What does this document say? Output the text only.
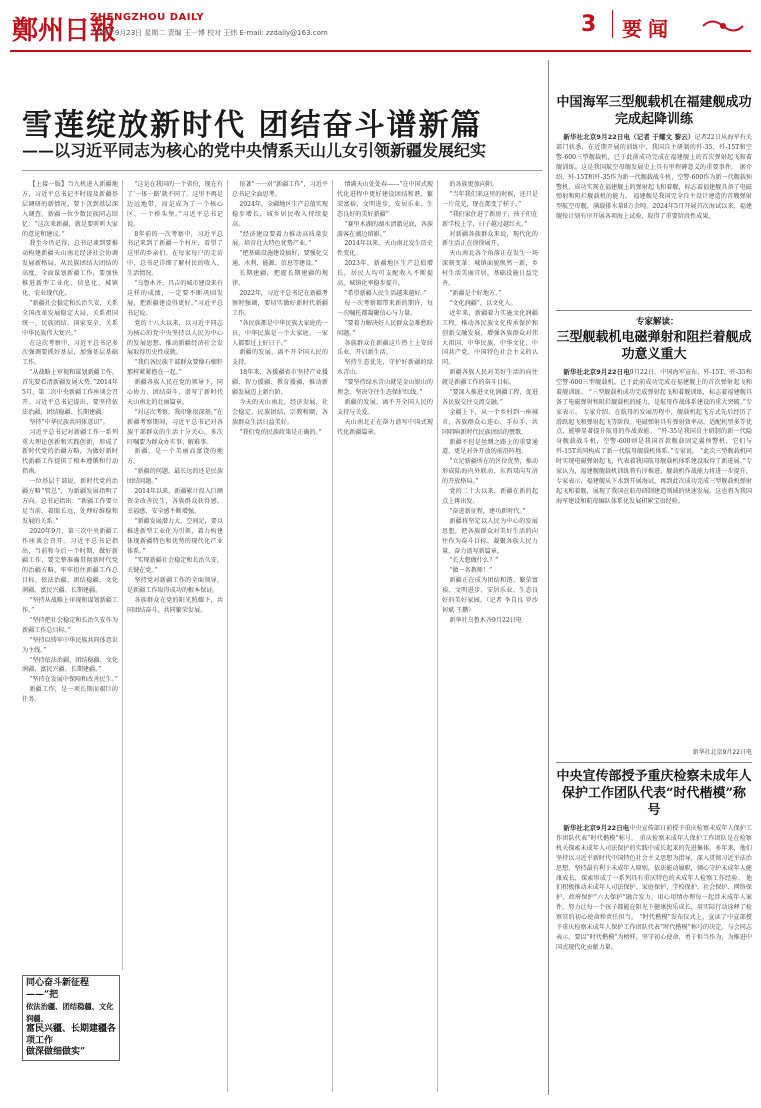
鄭州日報
ZHENGZHOU DAILY
2025年9月23日 星期二 责编 王一博 校对 王炜 E-mail: zzdaily@163.com	3 要闻
雪莲绽放新时代 团结奋斗谱新篇
——以习近平同志为核心的党中央情系天山儿女引领新疆发展纪实

【上接一版】当九机进入新疆地方，习近平总书记不时提及新疆基层调研的新情况，要下沉到基层深入调查。新疆一位少数民族同志回忆：“这次来新疆，就是要听听大家的意见和建议。”

我至今仍记得，总书记谈到要推动构建新疆天山南北经济社会协调发展新格局，从民族团结大团结的高度，全面谋划新疆工作，要加快推进新型工业化、信息化、城镇化、农业现代化。

“新疆社会稳定和长治久安，关系全国改革发展稳定大局，关系祖国统一，民族团结，国家安全，关系中华民族伟大复兴。”

在这次考察中，习近平总书记多次强调要抓好基层，加强基层基础工作。

“从战略上审视和谋划新疆工作，首先要看清新疆发展大势。”2014年5月，第二次中央新疆工作座谈会召开。习近平总书记提出，要坚持依法治疆、团结稳疆、长期建疆。

坚持“中华民族共同体意识”。

习近平总书记对新疆工作一系列重大理论创新和实践创新，形成了新时代党的治疆方略，为做好新时代新疆工作提供了根本遵循和行动指南。

一位基层干部说，新时代党的治疆方略“管总”，为新疆发展指明了方向。总书记指出：“新疆工作要立足当前、着眼长远，处理好维稳和发展的关系。”

2020年9月，第三次中央新疆工作座谈会召开。习近平总书记指出，当前和今后一个时期，做好新疆工作，要完整准确贯彻新时代党的治疆方略，牢牢扭住新疆工作总目标，依法治疆、团结稳疆、文化润疆、富民兴疆、长期建疆。

“坚持从战略上审视和谋划新疆工作。”

“坚持把社会稳定和长治久安作为新疆工作总目标。”

“坚持以铸牢中华民族共同体意识为主线。”

“坚持依法治疆、团结稳疆、文化润疆、富民兴疆、长期建疆。”

“坚持在发展中保障和改善民生。”

新疆工作，是一项长期而艰巨的任务。

同心奋斗新征程——“把
依法治疆、团结稳疆、文化润疆、
富民兴疆、长期建疆各项工作
做深做细做实”

“这是在我国的一个省份，现在有了‘一体一路’就不同了。这里不再是边远地带，而是成为了一个核心区、一个桥头堡。”习近平总书记说。

8年前的一次考察中，习近平总书记来到了新疆一个村庄，看望了这里的乡亲们。在每家每户的走访中，总书记详细了解村民的收入、生活情况。

“乌鲁木齐、昌吉的城市建设来有这样的成绩，一定要不断巩固发展，把新疆建设得更好。”习近平总书记说。

党的十八大以来，以习近平同志为核心的党中央坚持以人民为中心的发展思想，推动新疆经济社会发展取得历史性成就。

“我们各民族干部群众要像石榴籽那样紧紧抱在一起。”

新疆各族人民在党的领导下，同心协力，团结奋斗，谱写了新时代天山南北的壮丽篇章。

“对这次考察，我印象很深刻。”在新疆考察期间，习近平总书记对各族干部群众的生活十分关心，多次叮嘱要为群众办实事、解难事。

新疆，是一个美丽而富饶的地方。

“新疆的问题，最长远的还是民族团结问题。”

2014年以来，新疆累计投入巨额资金改善民生，各族群众获得感、幸福感、安全感不断增强。

“新疆发展潜力大、空间足，要以推进新型工业化为引领，着力构建体现新疆特色和优势的现代化产业体系。”

“实现新疆社会稳定和长治久安，关键在党。”

坚持党对新疆工作的全面领导，是新疆工作取得成功的根本保证。

各族群众在党的阳光照耀下，共同团结奋斗、共同繁荣发展。

依著”一一对“新疆工作”，习近平总书记全面思考。

2024年，全疆地区生产总值实现稳步增长，城乡居民收入持续提高。

“经济建设要着力推动高质量发展，培育壮大特色优势产业。”

“把基础设施建设搞好，要强化交通、水利、能源、信息等建设。”

长期建疆，把握长期建疆的规律。

2022年，习近平总书记在新疆考察时强调，要切实做好新时代新疆工作。

“各民族都是中华民族大家庭的一员，中华民族是一个大家庭，一家人都要过上好日子。”

新疆的发展，离不开全国人民的支持。

18年来，各援疆省市坚持产业援疆、智力援疆、教育援疆，推动新疆发展迈上新台阶。

今天的天山南北，经济发展、社会稳定、民族团结、宗教和顺，各族群众生活日益美好。

“我们党的民族政策是正确的。”

情满天山处处春——“在中国式现代化进程中更好建设团结和谐、繁荣富裕、文明进步、安居乐业、生态良好的美好新疆”

“赛里木湖的湖水清澈见底，各族游客在湖边留影。”

2014年以来，天山南北发生历史性变化。

2023年，新疆地区生产总值增长，居民人均可支配收入不断提高，城镇化率稳步提升。

“希望新疆人民生活越来越好。”

每一次考察都带来新的期许，每一次嘱托都凝聚信心与力量。

“要着力解决好人民群众急难愁盼问题。”

各族群众在新疆这片热土上安居乐业，开启新生活。

坚持生态优先，守护好新疆的绿水青山。

“要坚持绿水青山就是金山银山的理念，坚决守住生态保护红线。”

新疆的发展，离不开全国人民的支持与关爱。

天山南北正在奋力谱写中国式现代化新疆篇章。

的各族更加向阳。

“当年我们来这里的时候，还只是一片荒芜，现在都变了样子。”

“我们家住进了新房子，孩子们在新学校上学，日子越过越红火。”

对新疆各族群众来说，现代化的新生活正在徐徐展开。

天山南北各个角落正在发生一场深刻变革：城镇面貌焕然一新，乡村生活美丽宜居，基础设施日益完善。

“新疆是个好地方。”

“文化润疆”，以文化人。

近年来，新疆着力实施文化润疆工程，推动各民族文化传承保护和创新交融发展，增强各族群众对伟大祖国、中华民族、中华文化、中国共产党、中国特色社会主义的认同。

新疆各族人民对美好生活的向往就是新疆工作的奋斗目标。

“要深入推进文化润疆工程，促进各民族交往交流交融。”

全疆上下，从一个乡村到一座城市，各族群众心连心、手拉手，共同唱响新时代民族团结的赞歌。

新疆不但是丝绸之路上的重要通道，更是对外开放的前沿阵地。

“立足新疆所在的区位优势，推动形成陆海内外联动、东西双向互济的开放格局。”

党的二十大以来，新疆在新的起点上再出发。

“奋进新征程，建功新时代。”

新疆将坚定以人民为中心的发展思想，把各族群众对美好生活的向往作为奋斗目标，凝聚各族人民力量，奋力谱写新篇章。

“长大想做什么？”

“做一名教师！”

新疆正在成为团结和谐、繁荣富裕、文明进步、安居乐业、生态良好的美好家园。（记者 李自良 罗沙 何斌 王鹏）

新华社乌鲁木齐9月22日电

中国海军三型舰载机在福建舰成功完成起降训练

新华社北京9月22日电（记者 于耀文 黎云）记者22日从海军有关部门获悉，在近期开展的训练中，我国自主研制的歼-35、歼-15T和空警-600三型舰载机，已于此前成功完成在福建舰上的首次弹射起飞和着舰训练。这是我国航空母舰发展史上具有里程碑意义的重要事件。 据介绍，歼-15T和歼-35作为新一代舰载战斗机，空警-600作为新一代舰载预警机，成功实现在福建舰上的弹射起飞和着舰，标志着福建舰具备了电磁弹射和阻拦舰载机的能力。 福建舰是我国完全自主设计建造的首艘弹射型航空母舰，满载排水量8万余吨。2024年5月开展首次海试以来，福建舰按计划有序开展各项海上试验，取得了重要阶段性成果。

专家解读：
三型舰载机电磁弹射和阻拦着舰成功意义重大

新华社北京9月22日电9月22日，中国海军宣布，歼-15T、歼-35和空警-600三型舰载机，已于此前成功完成在福建舰上的首次弹射起飞和着舰训练。 “三型舰载机成功完成弹射起飞和着舰训练，标志着福建舰具备了电磁弹射和阻拦舰载机的能力，是航母作战体系建设的重大突破。”专家表示。 专家介绍，在航母的发展历程中，舰载机起飞方式先后经历了滑跃起飞和弹射起飞等阶段。电磁弹射具有弹射效率高、适配机型多等优点，能够显著提升航母的作战效能。 “歼-35是我国自主研制的新一代隐身舰载战斗机，空警-600则是我国首款舰载固定翼预警机，它们与歼-15T共同构成了新一代航母舰载机体系。”专家说。 “此次三型舰载机同时实现电磁弹射起飞，代表着我国航母舰载机体系建设取得了新进展。”专家认为，福建舰舰载机训练将有序推进，舰载机作战能力将进一步提升。 专家表示，福建舰从下水到开展海试，再到此次成功完成三型舰载机弹射起飞和着舰，展现了我国在航母研制建造领域的快速发展。这也将为我国海军建设和航母编队体系化发展积累宝贵经验。

新华社北京9月22日电
中央宣传部授予重庆检察未成年人保护工作团队代表“时代楷模”称号

新华社北京9月22日电中央宣传部日前授予重庆检察未成年人保护工作团队代表“时代楷模”称号。 重庆检察未成年人保护工作团队是在检察机关探索未成年人司法保护的实践中成长起来的先进集体。多年来，他们坚持以习近平新时代中国特色社会主义思想为指导，深入贯彻习近平法治思想，坚持最有利于未成年人原则，依法能动履职，倾心守护未成年人健康成长，探索形成了一系列具有重庆特色的未成年人检察工作经验。 他们积极推动未成年人司法保护、家庭保护、学校保护、社会保护、网络保护、政府保护“六大保护”融合发力，用心用情办理每一起涉未成年人案件，努力让每一个孩子都能在阳光下健康快乐成长，用实际行动诠释了检察官的初心使命和责任担当。 “时代楷模”发布仪式上，宣读了中宣部授予重庆检察未成年人保护工作团队代表“时代楷模”称号的决定。与会同志表示，要以“时代楷模”为榜样，坚守初心使命，勇于担当作为，为推进中国式现代化贡献力量。
